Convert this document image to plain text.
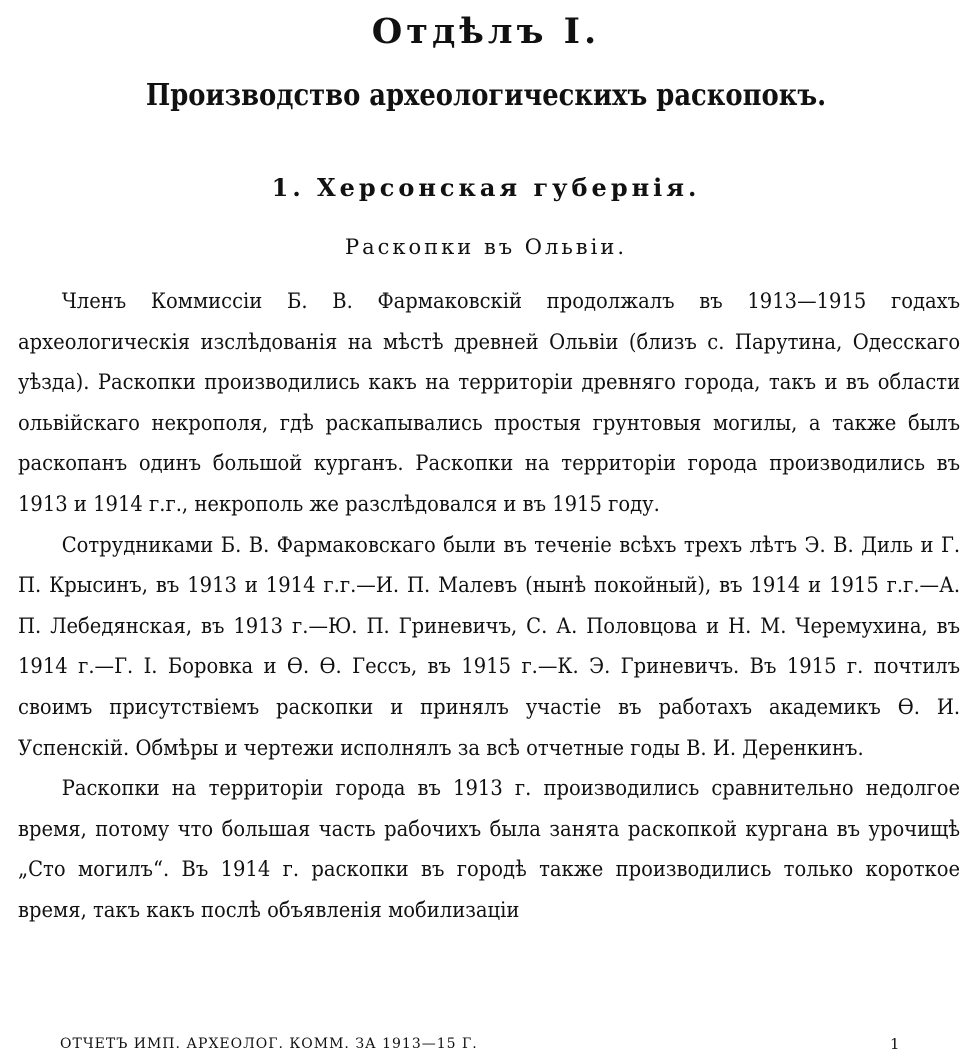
Отдѣлъ I.
Производство археологическихъ раскопокъ.
1. Херсонская губернія.
Раскопки въ Ольвіи.

Членъ Коммиссіи Б. В. Фармаковскій продолжалъ въ 1913—1915 годахъ археологическія изслѣдованія на мѣстѣ древней Ольвіи (близъ с. Парутина, Одесскаго уѣзда). Раскопки производились какъ на территоріи древняго города, такъ и въ области ольвійскаго некрополя, гдѣ раскапывались простыя грунтовыя могилы, а также былъ раскопанъ одинъ большой курганъ. Раскопки на территоріи города производились въ 1913 и 1914 г.г., некрополь же разслѣдовался и въ 1915 году.

Сотрудниками Б. В. Фармаковскаго были въ теченіе всѣхъ трехъ лѣтъ Э. В. Диль и Г. П. Крысинъ, въ 1913 и 1914 г.г.—И. П. Малевъ (нынѣ покойный), въ 1914 и 1915 г.г.—А. П. Лебедянская, въ 1913 г.—Ю. П. Гриневичъ, С. А. Половцова и Н. М. Черемухина, въ 1914 г.—Г. І. Боровка и Ѳ. Ѳ. Гессъ, въ 1915 г.—К. Э. Гриневичъ. Въ 1915 г. почтилъ своимъ присутствіемъ раскопки и принялъ участіе въ работахъ академикъ Ѳ. И. Успенскій. Обмѣры и чертежи исполнялъ за всѣ отчетные годы В. И. Деренкинъ.

Раскопки на территоріи города въ 1913 г. производились сравнительно недолгое время, потому что большая часть рабочихъ была занята раскопкой кургана въ урочищѣ „Сто могилъ“. Въ 1914 г. раскопки въ городѣ также производились только короткое время, такъ какъ послѣ объявленія мобилизаціи

ОТЧЕТЪ ИМП. АРХЕОЛОГ. КОММ. ЗА 1913—15 Г.	1
